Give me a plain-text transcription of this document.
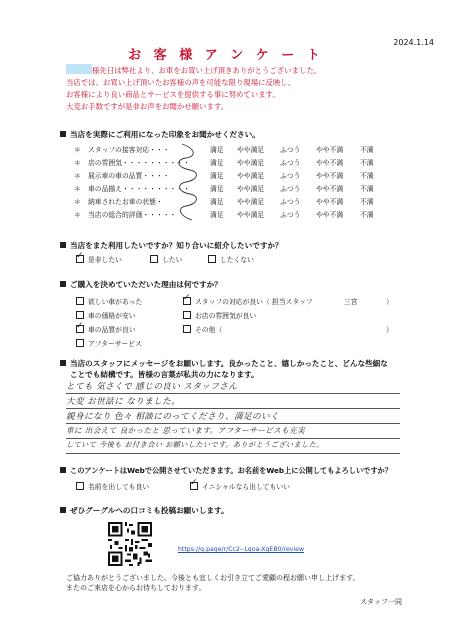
2024.1.14
お 客 様 ア ン ケ ー ト
様先日は弊社より、お車をお買い上げ頂きありがとうございました。
当店では、お買い上げ頂いたお客様の声を可能な限り現場に反映し、
お客様により良い商品とサービスを提供する事に努めています。
大変お手数ですが是非お声をお聞かせ願います。
当店を実際にご利用になった印象をお聞かせください。
＊ スタッフの接客対応・・・	満足 やや満足 ふつう やや不満 不満
＊ 店の雰囲気・・・・・・・・・・	満足 やや満足 ふつう やや不満 不満
＊ 展示車の車の品質・・・・	満足 やや満足 ふつう やや不満 不満
＊ 車の品揃え・・・・・・・・・・	満足 やや満足 ふつう やや不満 不満
＊ 納車されたお車の状態・	満足 やや満足 ふつう やや不満 不満
＊ 当店の総合的評価・・・・・	満足 やや満足 ふつう やや不満 不満
当店をまた利用したいですか？知り合いに紹介したいですか？
✓是非したい	したい	したくない
ご購入を決めていただいた理由は何ですか？
欲しい車があった
車の価格が安い
✓車の品質が良い
アフターサービス
✓スタッフの対応が良い（ 担当スタッフ	三宮	）
お店の雰囲気が良い
その他（	）
当店のスタッフにメッセージをお願いします。良かったこと、嬉しかったこと、どんな些細な
ことでも結構です。皆様の言葉が私共の力になります。
とても 気さくで 感じの良い スタッフさん
大変 お世話に なりました。
親身になり 色々 相談にのってくださり、満足のいく
車に 出会えて 良かったと 思っています。アフターサービスも充実
していて 今後も お付き合い お願いしたいです。ありがとうございました。
このアンケートはWebで公開させていただきます。お名前をWeb上に公開してもよろしいですか？
名前を出しても良い
✓	イニシャルなら出してもいい
ぜひグーグルへの口コミも投稿お願いします。
https://g.page/r/Cc2--Lqoa-XgEB0/review
ご協力ありがとうございました。今後とも宜しくお引き立てご愛顧の程お願い申し上げます。
またのご来店を心からお待ちしております。
スタッフ一同
